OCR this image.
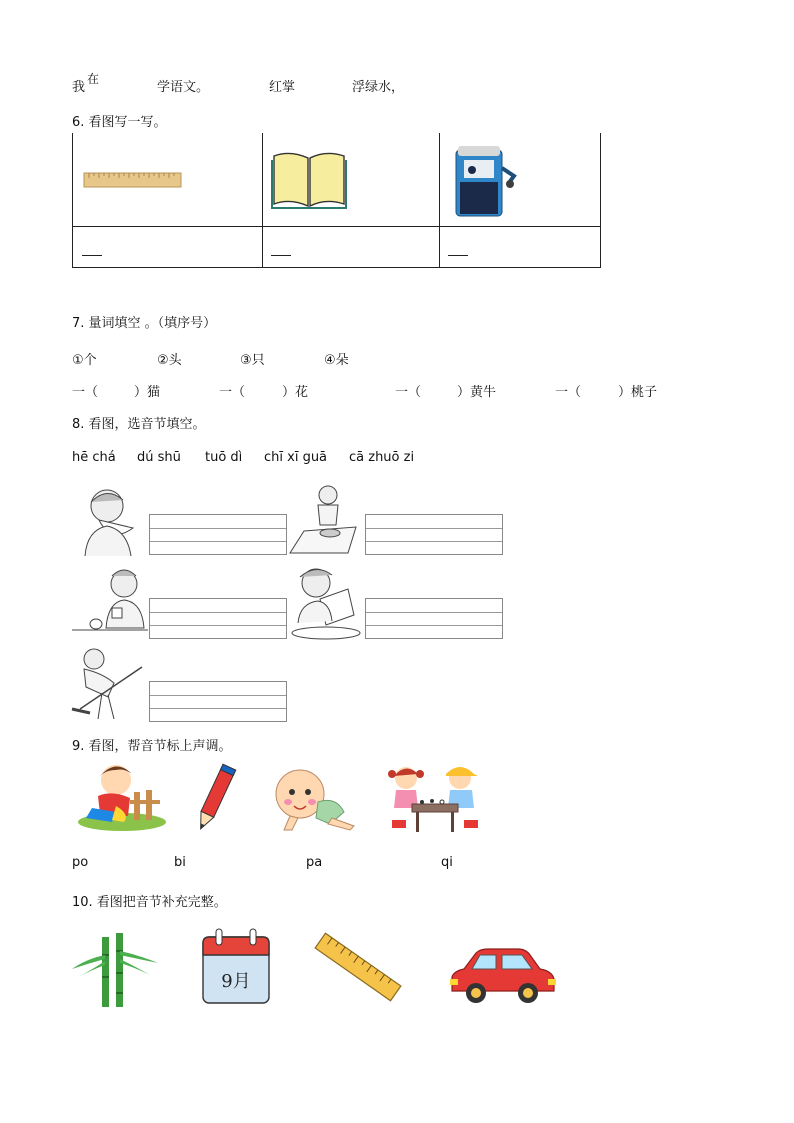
我
在
学语文。	红掌	浮绿水，
6. 看图写一写。
7. 量词填空 。（填序号）
①个	②头	③只	④朵
一（	）猫	一（	）花	一（	）黄牛	一（	）桃子
8. 看图，选音节填空。
hē chá dú shū tuō dì chī xī guā cā zhuō zi
9. 看图，帮音节标上声调。
po	bi	pa	qi
10. 看图把音节补充完整。
9月
